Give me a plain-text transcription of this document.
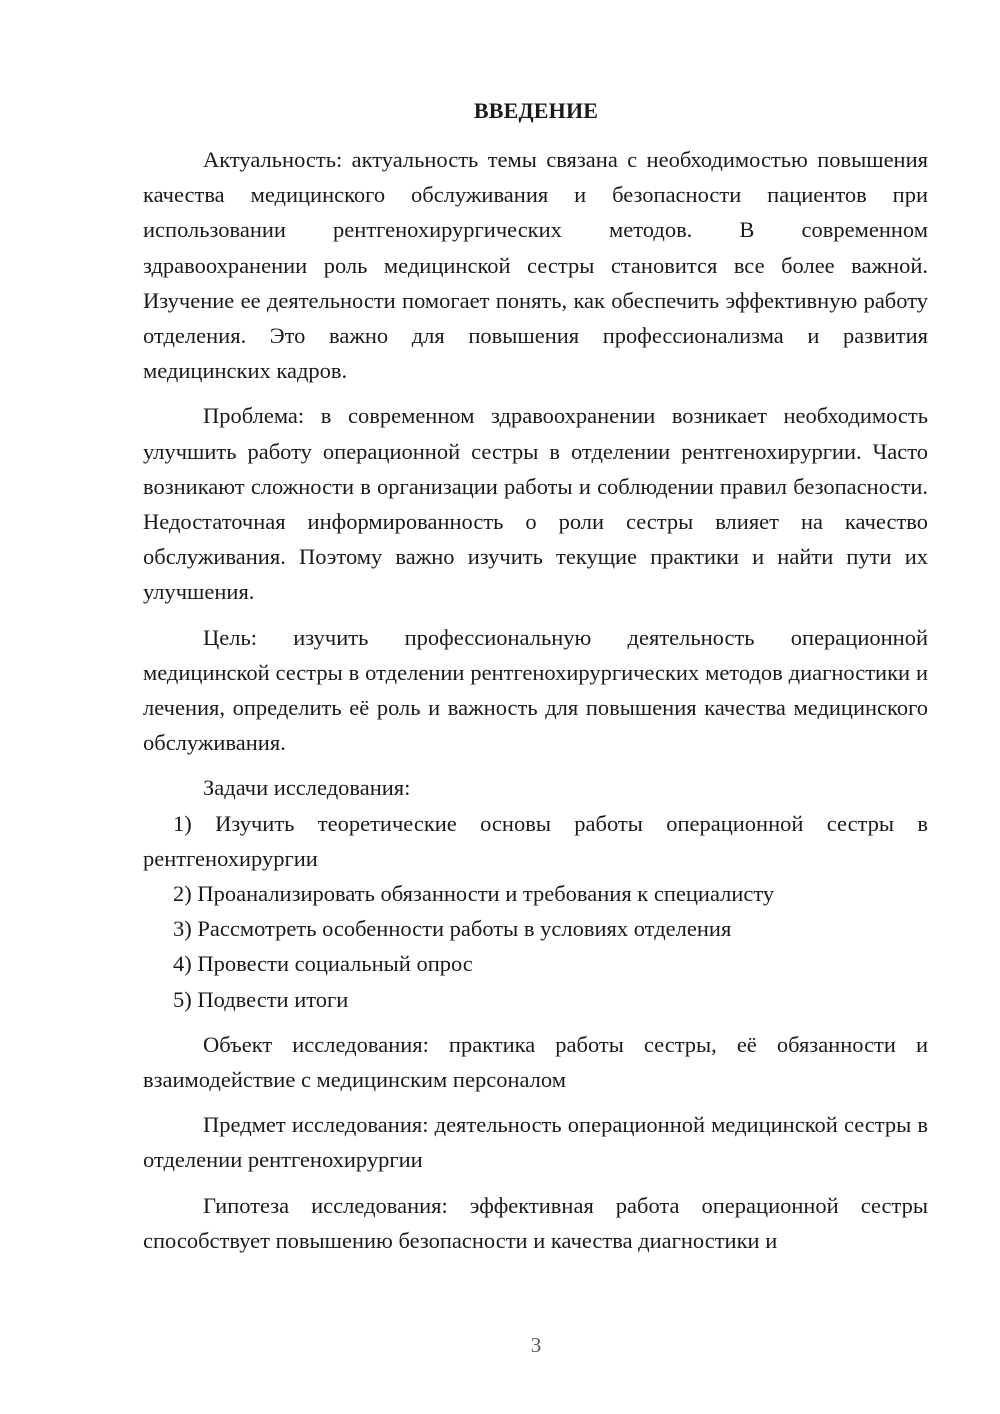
ВВЕДЕНИЕ

Актуальность: актуальность темы связана с необходимостью повышения качества медицинского обслуживания и безопасности пациентов при использовании рентгенохирургических методов. В современном здравоохранении роль медицинской сестры становится все более важной. Изучение ее деятельности помогает понять, как обеспечить эффективную работу отделения. Это важно для повышения профессионализма и развития медицинских кадров.

Проблема: в современном здравоохранении возникает необходимость улучшить работу операционной сестры в отделении рентгенохирургии. Часто возникают сложности в организации работы и соблюдении правил безопасности. Недостаточная информированность о роли сестры влияет на качество обслуживания. Поэтому важно изучить текущие практики и найти пути их улучшения.

Цель: изучить профессиональную деятельность операционной медицинской сестры в отделении рентгенохирургических методов диагностики и лечения, определить её роль и важность для повышения качества медицинского обслуживания.

Задачи исследования:

1) Изучить теоретические основы работы операционной сестры в рентгенохирургии

2) Проанализировать обязанности и требования к специалисту

3) Рассмотреть особенности работы в условиях отделения

4) Провести социальный опрос

5) Подвести итоги

Объект исследования: практика работы сестры, её обязанности и взаимодействие с медицинским персоналом

Предмет исследования: деятельность операционной медицинской сестры в отделении рентгенохирургии

Гипотеза исследования: эффективная работа операционной сестры способствует повышению безопасности и качества диагностики и

3
